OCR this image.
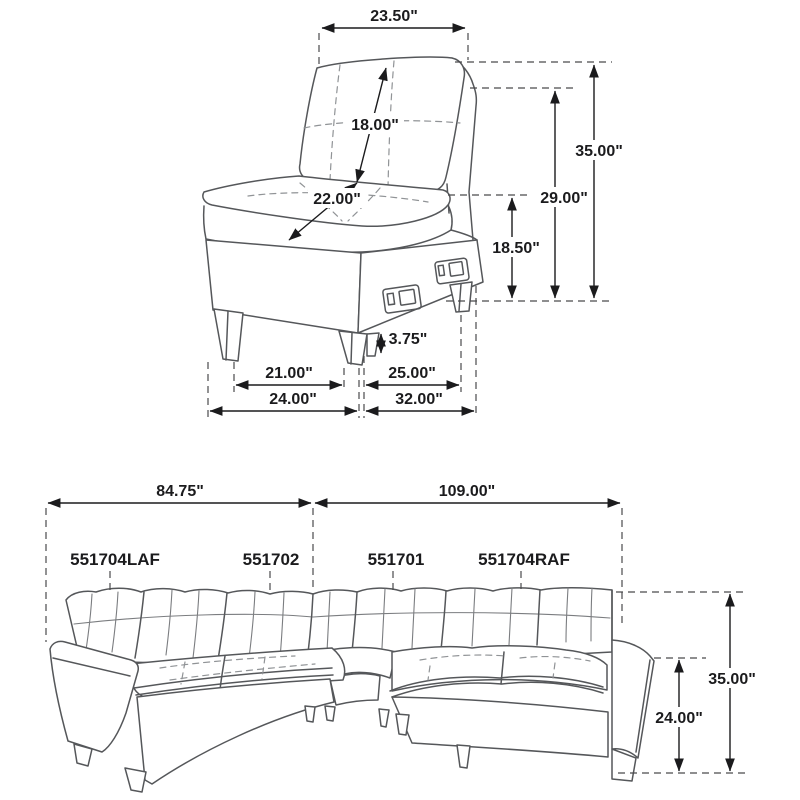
23.50"
18.00"
22.00"
35.00"
29.00"
18.50"
3.75"
21.00"	25.00"
24.00"	32.00"
551704LAF	551702	551701	551704RAF
84.75"	109.00"
35.00"
24.00"
